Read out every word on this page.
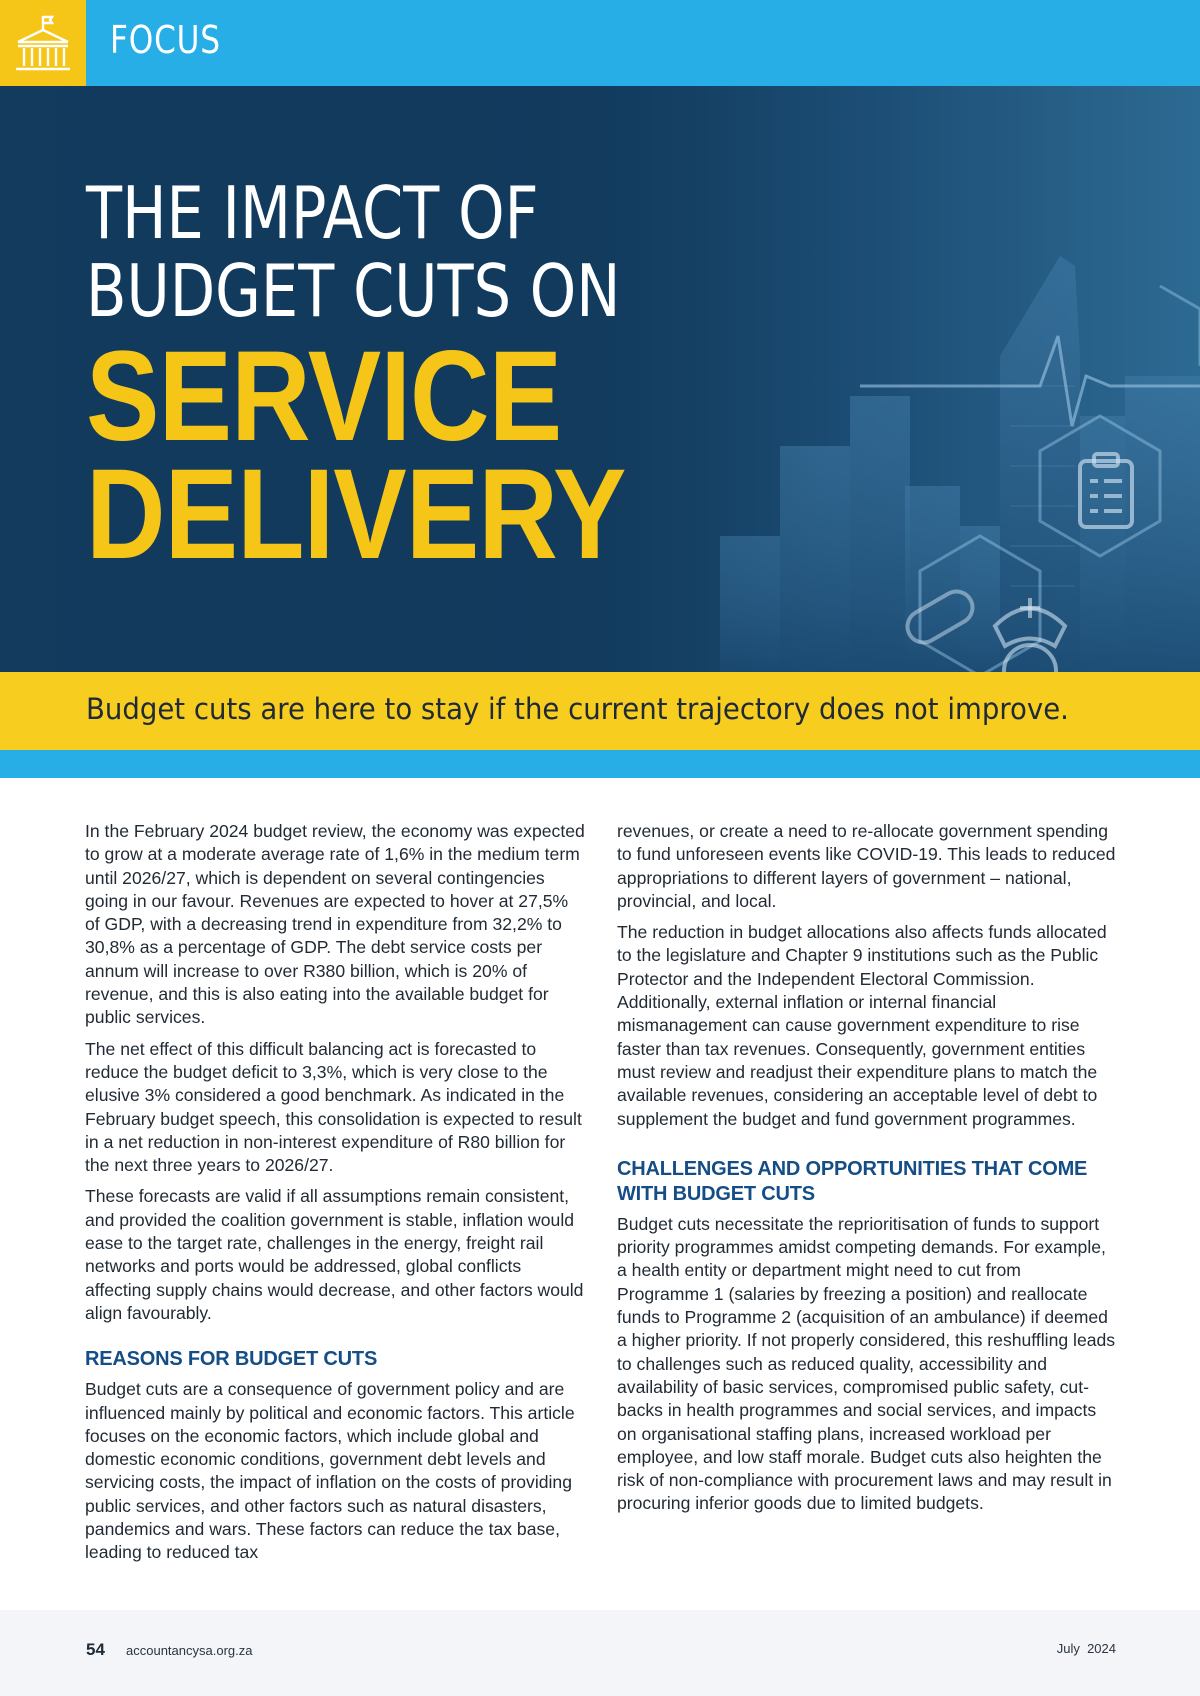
FOCUS
THE IMPACT OF
BUDGET CUTS ON
SERVICE
DELIVERY
Budget cuts are here to stay if the current trajectory does not improve.

In the February 2024 budget review, the economy was expected to grow at a moderate average rate of 1,6% in the medium term until 2026/27, which is dependent on several contingencies going in our favour. Revenues are expected to hover at 27,5% of GDP, with a decreasing trend in expenditure from 32,2% to 30,8% as a percentage of GDP. The debt service costs per annum will increase to over R380 billion, which is 20% of revenue, and this is also eating into the available budget for public services.

The net effect of this difficult balancing act is forecasted to reduce the budget deficit to 3,3%, which is very close to the elusive 3% considered a good benchmark. As indicated in the February budget speech, this consolidation is expected to result in a net reduction in non-interest expenditure of R80 billion for the next three years to 2026/27.

These forecasts are valid if all assumptions remain consistent, and provided the coalition government is stable, inflation would ease to the target rate, challenges in the energy, freight rail networks and ports would be addressed, global conflicts affecting supply chains would decrease, and other factors would align favourably.

REASONS FOR BUDGET CUTS

Budget cuts are a consequence of government policy and are influenced mainly by political and economic factors. This article focuses on the economic factors, which include global and domestic economic conditions, government debt levels and servicing costs, the impact of inflation on the costs of providing public services, and other factors such as natural disasters, pandemics and wars. These factors can reduce the tax base, leading to reduced tax

revenues, or create a need to re-allocate government spending to fund unforeseen events like COVID-19. This leads to reduced appropriations to different layers of government – national, provincial, and local.

The reduction in budget allocations also affects funds allocated to the legislature and Chapter 9 institutions such as the Public Protector and the Independent Electoral Commission. Additionally, external inflation or internal financial mismanagement can cause government expenditure to rise faster than tax revenues. Consequently, government entities must review and readjust their expenditure plans to match the available revenues, considering an acceptable level of debt to supplement the budget and fund government programmes.

CHALLENGES AND OPPORTUNITIES THAT COME WITH BUDGET CUTS

Budget cuts necessitate the reprioritisation of funds to support priority programmes amidst competing demands. For example, a health entity or department might need to cut from Programme 1 (salaries by freezing a position) and reallocate funds to Programme 2 (acquisition of an ambulance) if deemed a higher priority. If not properly considered, this reshuffling leads to challenges such as reduced quality, accessibility and availability of basic services, compromised public safety, cut-backs in health programmes and social services, and impacts on organisational staffing plans, increased workload per employee, and low staff morale. Budget cuts also heighten the risk of non-compliance with procurement laws and may result in procuring inferior goods due to limited budgets.

54 accountancysa.org.za	July  2024
